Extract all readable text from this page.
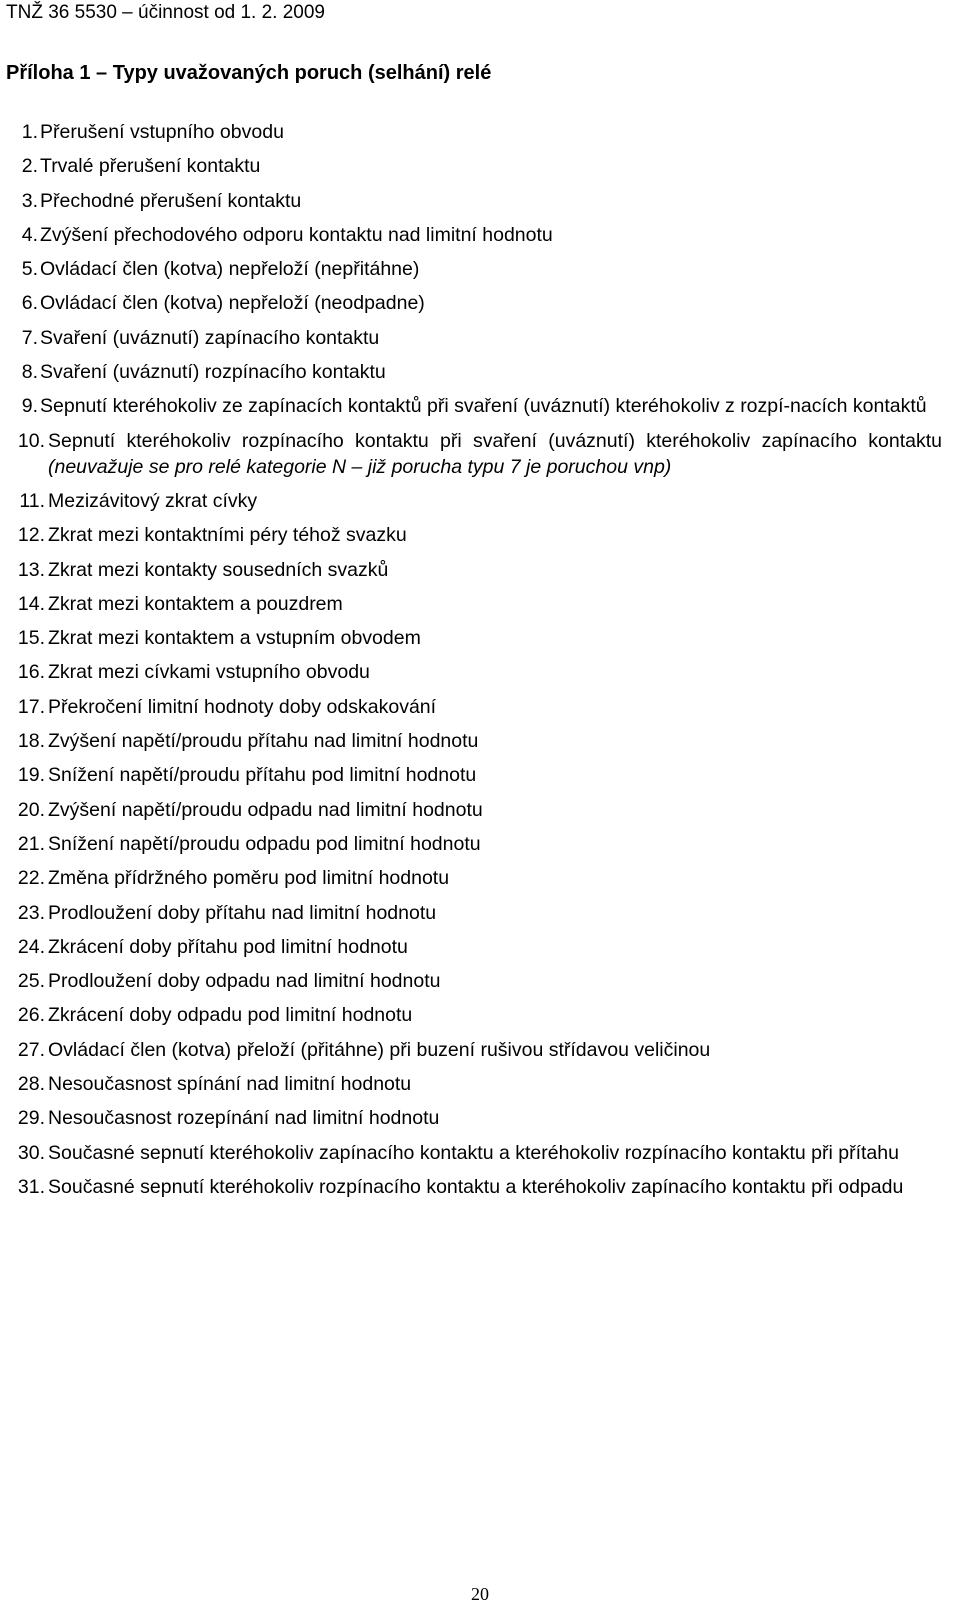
TNŽ 36 5530 – účinnost od 1. 2. 2009
Příloha 1 – Typy uvažovaných poruch (selhání) relé
1. Přerušení vstupního obvodu
2. Trvalé přerušení kontaktu
3. Přechodné přerušení kontaktu
4. Zvýšení přechodového odporu kontaktu nad limitní hodnotu
5. Ovládací člen (kotva) nepřeloží (nepřitáhne)
6. Ovládací člen (kotva) nepřeloží (neodpadne)
7. Svaření (uváznutí) zapínacího kontaktu
8. Svaření (uváznutí) rozpínacího kontaktu
9. Sepnutí kteréhokoliv ze zapínacích kontaktů při svaření (uváznutí) kteréhokoliv z rozpí-nacích kontaktů
10. Sepnutí kteréhokoliv rozpínacího kontaktu při svaření (uváznutí) kteréhokoliv zapínacího kontaktu (neuvažuje se pro relé kategorie N – již porucha typu 7 je poruchou vnp)
11. Mezizávitový zkrat cívky
12. Zkrat mezi kontaktními péry téhož svazku
13. Zkrat mezi kontakty sousedních svazků
14. Zkrat mezi kontaktem a pouzdrem
15. Zkrat mezi kontaktem a vstupním obvodem
16. Zkrat mezi cívkami vstupního obvodu
17. Překročení limitní hodnoty doby odskakování
18. Zvýšení napětí/proudu přítahu nad limitní hodnotu
19. Snížení napětí/proudu přítahu pod limitní hodnotu
20. Zvýšení napětí/proudu odpadu nad limitní hodnotu
21. Snížení napětí/proudu odpadu pod limitní hodnotu
22. Změna přídržného poměru pod limitní hodnotu
23. Prodloužení doby přítahu nad limitní hodnotu
24. Zkrácení doby přítahu pod limitní hodnotu
25. Prodloužení doby odpadu nad limitní hodnotu
26. Zkrácení doby odpadu pod limitní hodnotu
27. Ovládací člen (kotva) přeloží (přitáhne) při buzení rušivou střídavou veličinou
28. Nesoučasnost spínání nad limitní hodnotu
29. Nesoučasnost rozepínání nad limitní hodnotu
30. Současné sepnutí kteréhokoliv zapínacího kontaktu a kteréhokoliv rozpínacího kontaktu při přítahu
31. Současné sepnutí kteréhokoliv rozpínacího kontaktu a kteréhokoliv zapínacího kontaktu při odpadu
20
